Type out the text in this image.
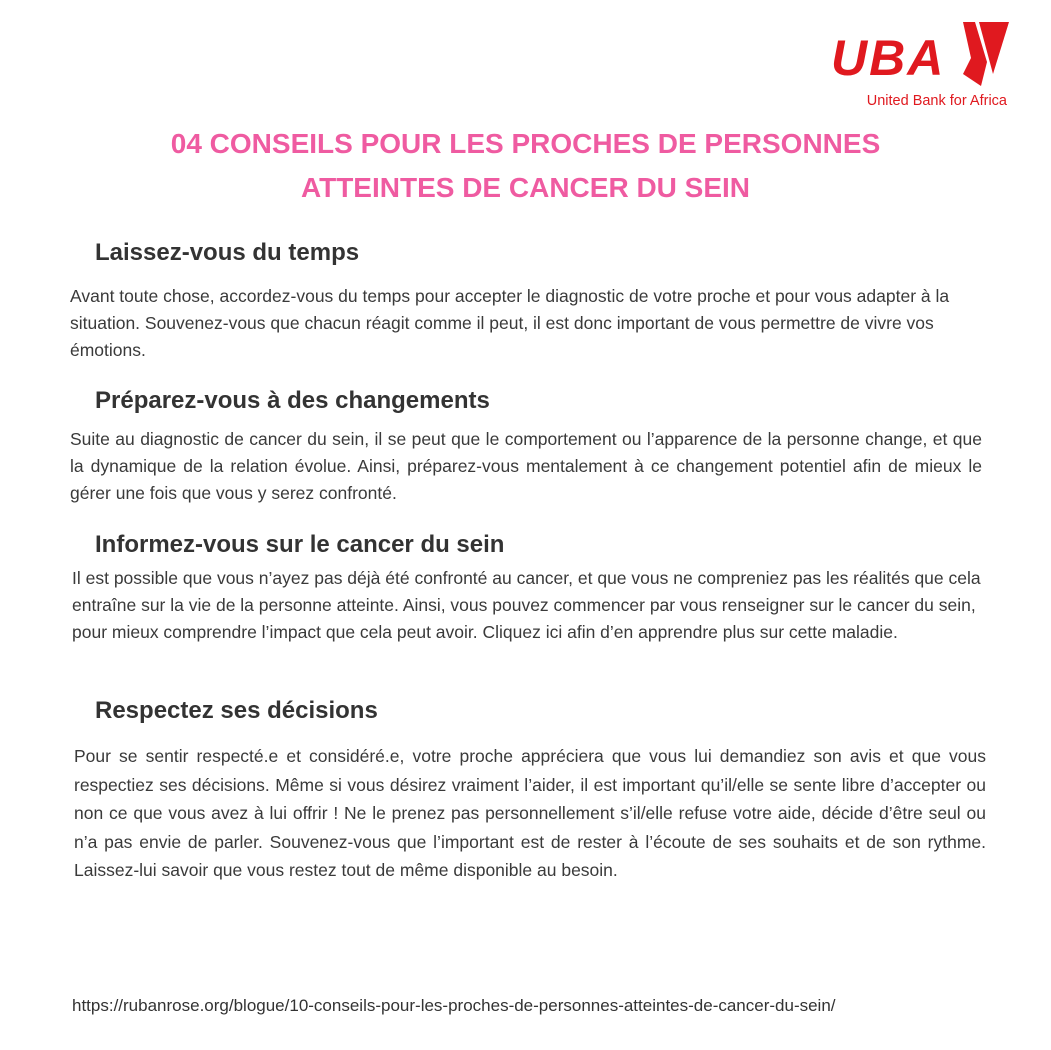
UBA
United Bank for Africa
04 CONSEILS POUR LES PROCHES DE PERSONNES
ATTEINTES DE CANCER DU SEIN
Laissez-vous du temps

Avant toute chose, accordez-vous du temps pour accepter le diagnostic de votre proche et pour vous adapter à la situation. Souvenez-vous que chacun réagit comme il peut, il est donc important de vous permettre de vivre vos émotions.

Préparez-vous à des changements

Suite au diagnostic de cancer du sein, il se peut que le comportement ou l’apparence de la personne change, et que la dynamique de la relation évolue. Ainsi, préparez-vous mentalement à ce changement potentiel afin de mieux le gérer une fois que vous y serez confronté.

Informez-vous sur le cancer du sein

Il est possible que vous n’ayez pas déjà été confronté au cancer, et que vous ne compreniez pas les réalités que cela entraîne sur la vie de la personne atteinte. Ainsi, vous pouvez commencer par vous renseigner sur le cancer du sein, pour mieux comprendre l’impact que cela peut avoir. Cliquez ici afin d’en apprendre plus sur cette maladie.

Respectez ses décisions

Pour se sentir respecté.e et considéré.e, votre proche appréciera que vous lui demandiez son avis et que vous respectiez ses décisions. Même si vous désirez vraiment l’aider, il est important qu’il/elle se sente libre d’accepter ou non ce que vous avez à lui offrir ! Ne le prenez pas personnellement s’il/elle refuse votre aide, décide d’être seul ou n’a pas envie de parler. Souvenez-vous que l’important est de rester à l’écoute de ses souhaits et de son rythme. Laissez-lui savoir que vous restez tout de même disponible au besoin.

https://rubanrose.org/blogue/10-conseils-pour-les-proches-de-personnes-atteintes-de-cancer-du-sein/
